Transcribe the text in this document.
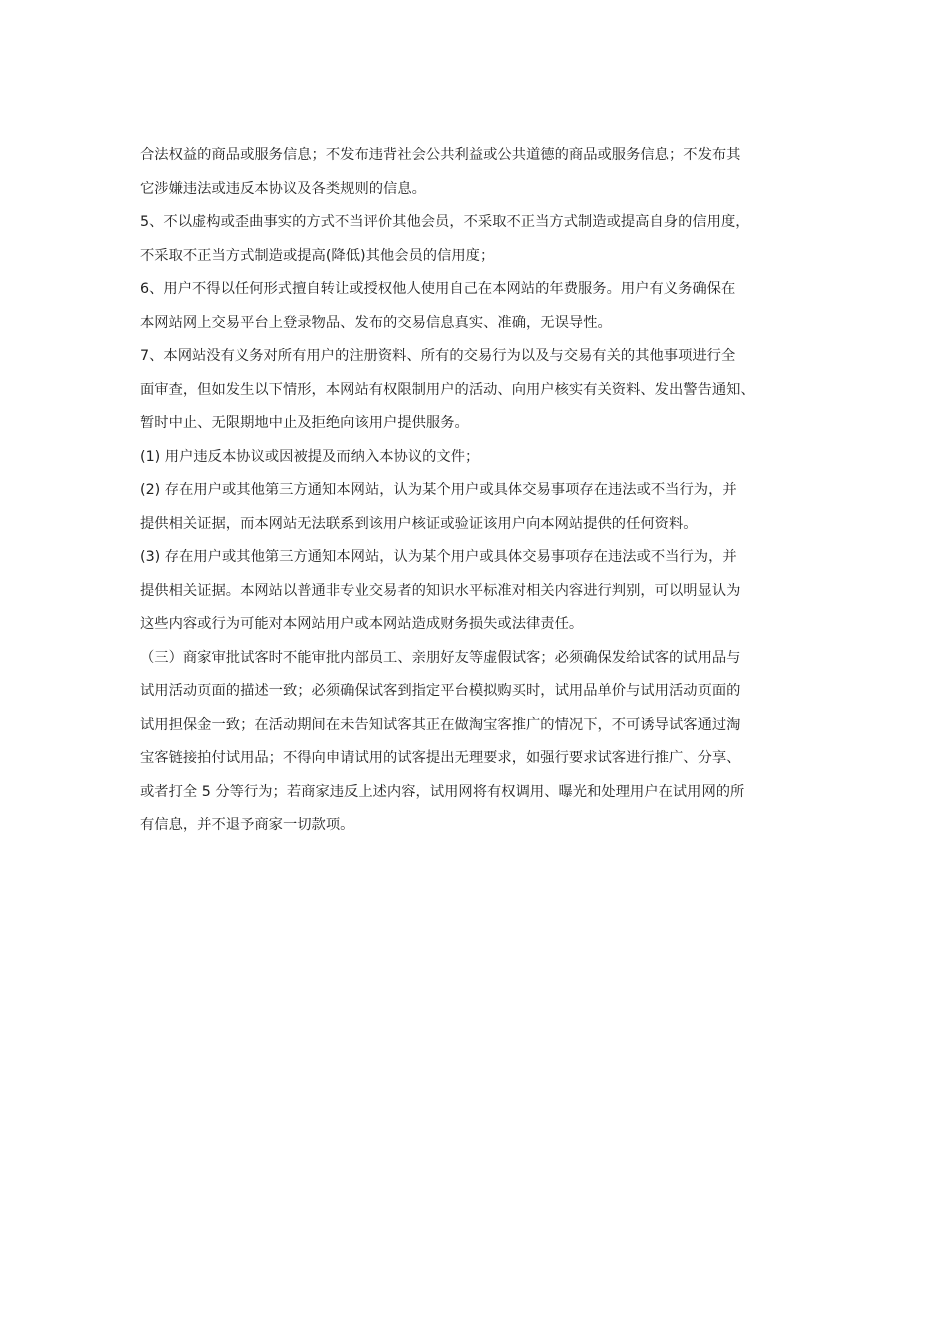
合法权益的商品或服务信息；不发布违背社会公共利益或公共道德的商品或服务信息；不发布其
它涉嫌违法或违反本协议及各类规则的信息。
5、不以虚构或歪曲事实的方式不当评价其他会员，不采取不正当方式制造或提高自身的信用度，
不采取不正当方式制造或提高(降低)其他会员的信用度；
6、用户不得以任何形式擅自转让或授权他人使用自己在本网站的年费服务。用户有义务确保在
本网站网上交易平台上登录物品、发布的交易信息真实、准确，无误导性。
7、本网站没有义务对所有用户的注册资料、所有的交易行为以及与交易有关的其他事项进行全
面审查，但如发生以下情形，本网站有权限制用户的活动、向用户核实有关资料、发出警告通知、
暂时中止、无限期地中止及拒绝向该用户提供服务。
(1) 用户违反本协议或因被提及而纳入本协议的文件；
(2) 存在用户或其他第三方通知本网站，认为某个用户或具体交易事项存在违法或不当行为，并
提供相关证据，而本网站无法联系到该用户核证或验证该用户向本网站提供的任何资料。
(3) 存在用户或其他第三方通知本网站，认为某个用户或具体交易事项存在违法或不当行为，并
提供相关证据。本网站以普通非专业交易者的知识水平标准对相关内容进行判别，可以明显认为
这些内容或行为可能对本网站用户或本网站造成财务损失或法律责任。
（三）商家审批试客时不能审批内部员工、亲朋好友等虚假试客；必须确保发给试客的试用品与
试用活动页面的描述一致；必须确保试客到指定平台模拟购买时，试用品单价与试用活动页面的
试用担保金一致；在活动期间在未告知试客其正在做淘宝客推广的情况下，不可诱导试客通过淘
宝客链接拍付试用品；不得向申请试用的试客提出无理要求，如强行要求试客进行推广、分享、
或者打全 5 分等行为；若商家违反上述内容，试用网将有权调用、曝光和处理用户在试用网的所
有信息，并不退予商家一切款项。
